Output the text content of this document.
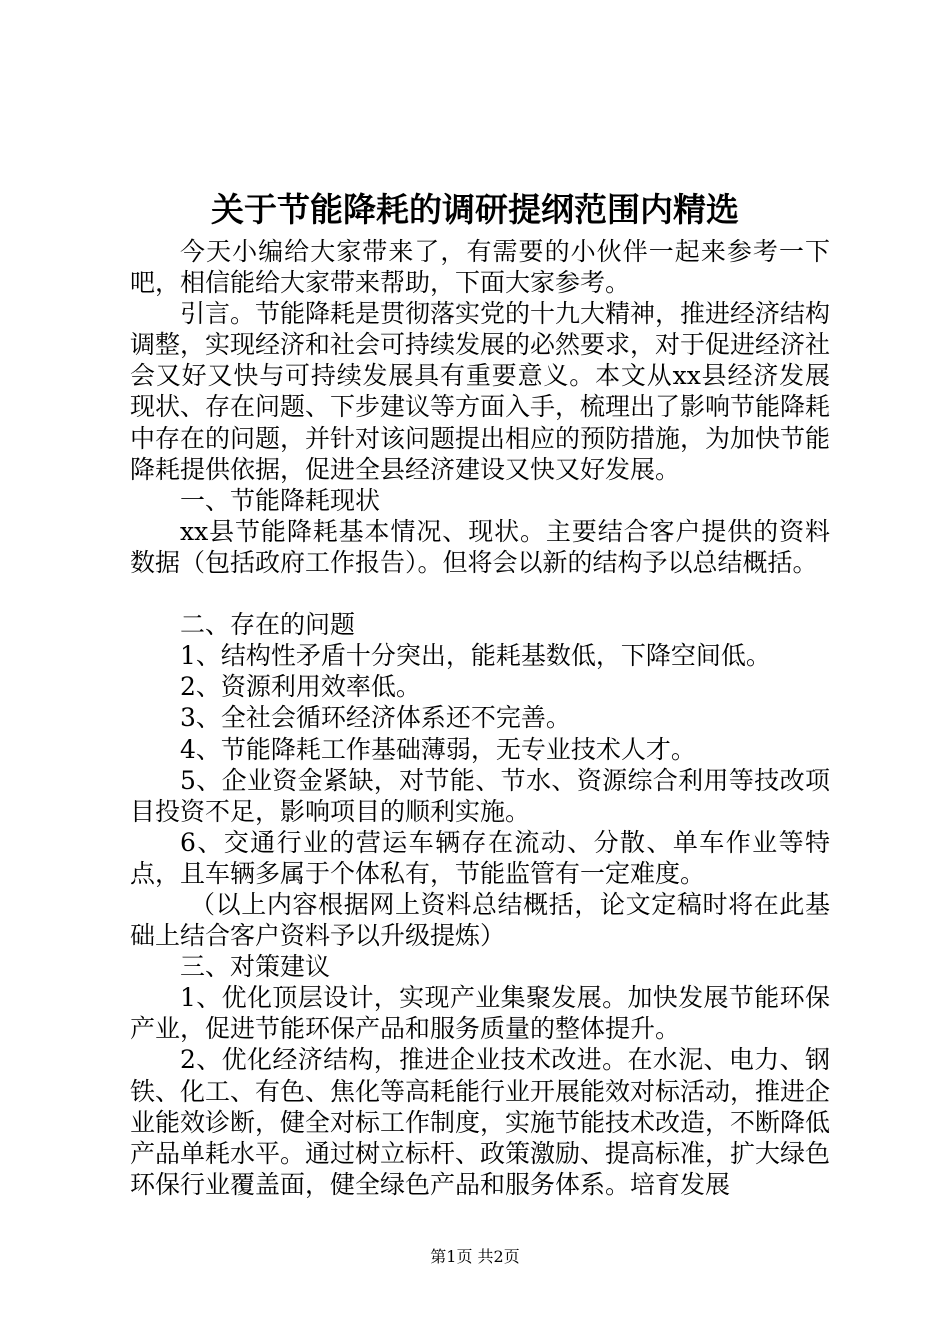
关于节能降耗的调研提纲范围内精选

今天小编给大家带来了，有需要的小伙伴一起来参考一下吧，相信能给大家带来帮助，下面大家参考。

引言。节能降耗是贯彻落实党的十九大精神，推进经济结构调整，实现经济和社会可持续发展的必然要求，对于促进经济社会又好又快与可持续发展具有重要意义。本文从xx县经济发展现状、存在问题、下步建议等方面入手，梳理出了影响节能降耗中存在的问题，并针对该问题提出相应的预防措施，为加快节能降耗提供依据，促进全县经济建设又快又好发展。

一、节能降耗现状

xx县节能降耗基本情况、现状。主要结合客户提供的资料数据（包括政府工作报告）。但将会以新的结构予以总结概括。

二、存在的问题

1、结构性矛盾十分突出，能耗基数低，下降空间低。

2、资源利用效率低。

3、全社会循环经济体系还不完善。

4、节能降耗工作基础薄弱，无专业技术人才。

5、企业资金紧缺，对节能、节水、资源综合利用等技改项目投资不足，影响项目的顺利实施。

6、交通行业的营运车辆存在流动、分散、单车作业等特点，且车辆多属于个体私有，节能监管有一定难度。

（以上内容根据网上资料总结概括，论文定稿时将在此基础上结合客户资料予以升级提炼）

三、对策建议

1、优化顶层设计，实现产业集聚发展。加快发展节能环保产业，促进节能环保产品和服务质量的整体提升。

2、优化经济结构，推进企业技术改进。在水泥、电力、钢铁、化工、有色、焦化等高耗能行业开展能效对标活动，推进企业能效诊断，健全对标工作制度，实施节能技术改造，不断降低产品单耗水平。通过树立标杆、政策激励、提高标准，扩大绿色环保行业覆盖面，健全绿色产品和服务体系。培育发展

第1页 共2页
